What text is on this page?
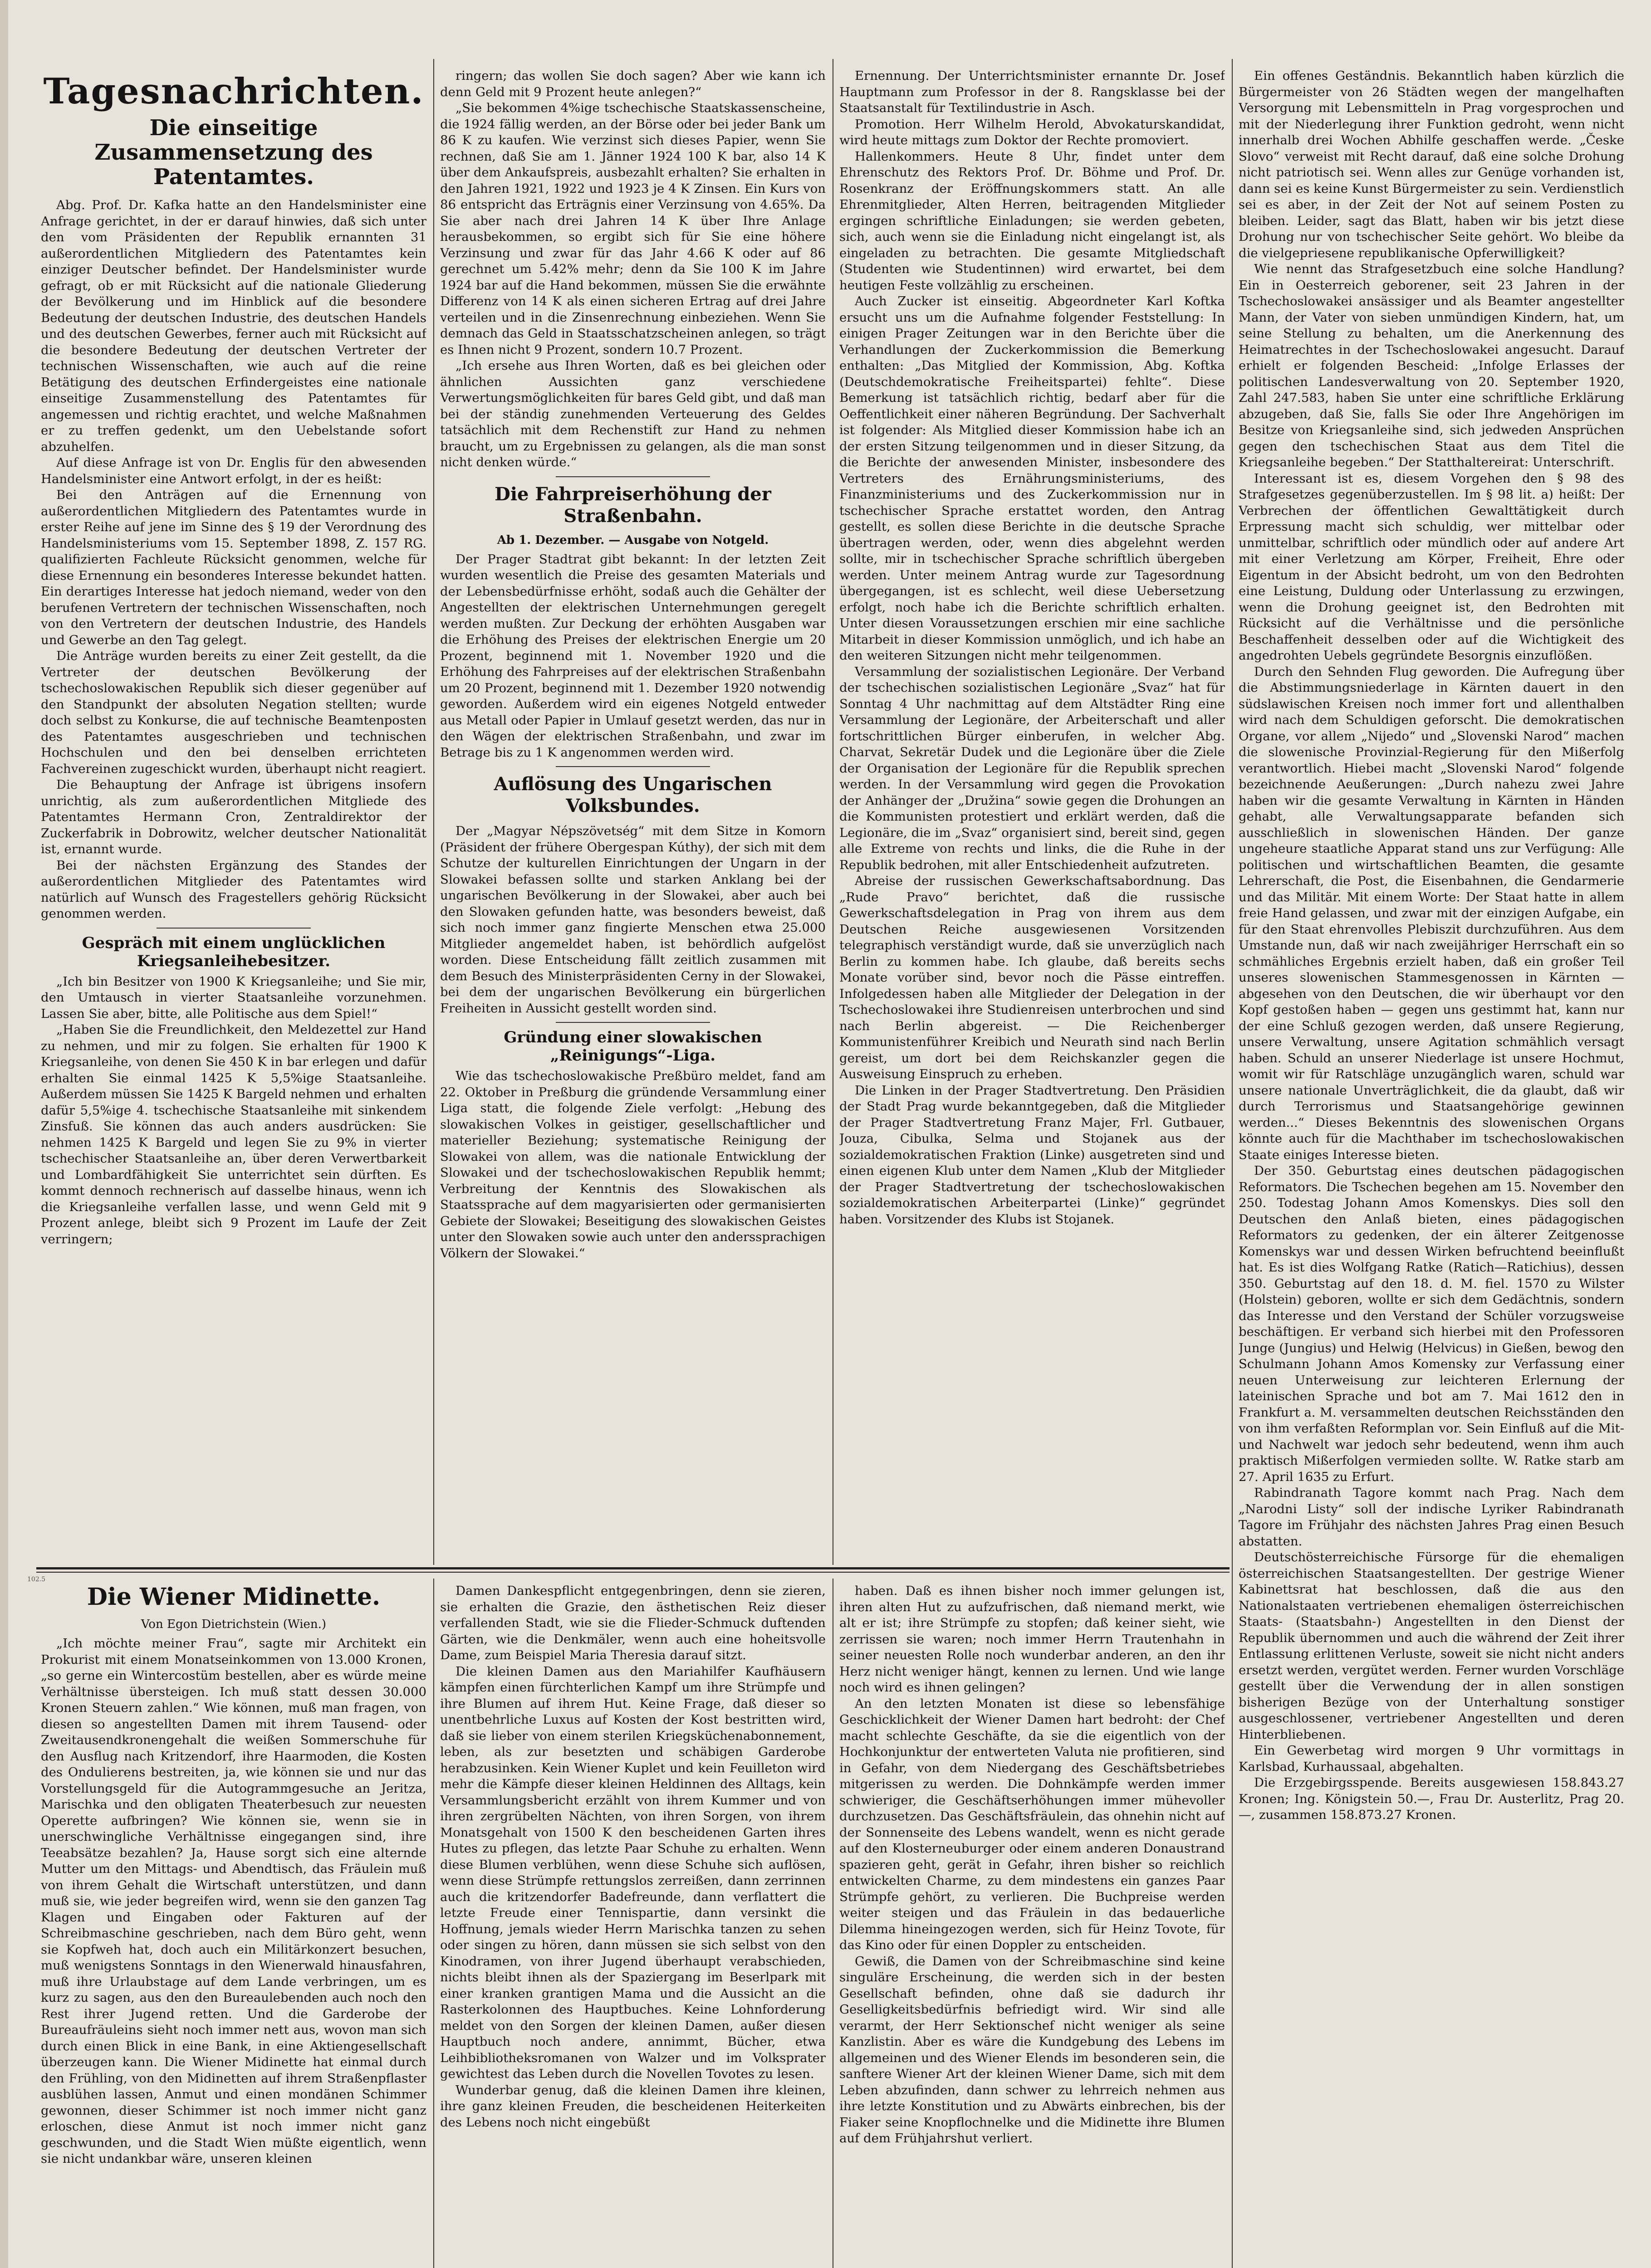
Tagesnachrichten.
Die einseitige Zusammensetzung des Patentamtes.

Abg. Prof. Dr. Kafka hatte an den Handelsminister eine Anfrage gerichtet, in der er darauf hinwies, daß sich unter den vom Präsidenten der Republik ernannten 31 außerordentlichen Mitgliedern des Patentamtes kein einziger Deutscher befindet. Der Handelsminister wurde gefragt, ob er mit Rücksicht auf die nationale Gliederung der Bevölkerung und im Hinblick auf die besondere Bedeutung der deutschen Industrie, des deutschen Handels und des deutschen Gewerbes, ferner auch mit Rücksicht auf die besondere Bedeutung der deutschen Vertreter der technischen Wissenschaften, wie auch auf die reine Betätigung des deutschen Erfindergeistes eine nationale einseitige Zusammenstellung des Patentamtes für angemessen und richtig erachtet, und welche Maßnahmen er zu treffen gedenkt, um den Uebelstande sofort abzuhelfen.

Auf diese Anfrage ist von Dr. Englis für den abwesenden Handelsminister eine Antwort erfolgt, in der es heißt:

Bei den Anträgen auf die Ernennung von außerordentlichen Mitgliedern des Patentamtes wurde in erster Reihe auf jene im Sinne des § 19 der Verordnung des Handelsministeriums vom 15. September 1898, Z. 157 RG. qualifizierten Fachleute Rücksicht genommen, welche für diese Ernennung ein besonderes Interesse bekundet hatten. Ein derartiges Interesse hat jedoch niemand, weder von den berufenen Vertretern der technischen Wissenschaften, noch von den Vertretern der deutschen Industrie, des Handels und Gewerbe an den Tag gelegt.

Die Anträge wurden bereits zu einer Zeit gestellt, da die Vertreter der deutschen Bevölkerung der tschechoslowakischen Republik sich dieser gegenüber auf den Standpunkt der absoluten Negation stellten; wurde doch selbst zu Konkurse, die auf technische Beamtenposten des Patentamtes ausgeschrieben und technischen Hochschulen und den bei denselben errichteten Fachvereinen zugeschickt wurden, überhaupt nicht reagiert.

Die Behauptung der Anfrage ist übrigens insofern unrichtig, als zum außerordentlichen Mitgliede des Patentamtes Hermann Cron, Zentraldirektor der Zuckerfabrik in Dobrowitz, welcher deutscher Nationalität ist, ernannt wurde.

Bei der nächsten Ergänzung des Standes der außerordentlichen Mitglieder des Patentamtes wird natürlich auf Wunsch des Fragestellers gehörig Rücksicht genommen werden.

Gespräch mit einem unglücklichen Kriegsanleihebesitzer.

„Ich bin Besitzer von 1900 K Kriegsanleihe; und Sie mir, den Umtausch in vierter Staatsanleihe vorzunehmen. Lassen Sie aber, bitte, alle Politische aus dem Spiel!“

„Haben Sie die Freundlichkeit, den Meldezettel zur Hand zu nehmen, und mir zu folgen. Sie erhalten für 1900 K Kriegsanleihe, von denen Sie 450 K in bar erlegen und dafür erhalten Sie einmal 1425 K 5,5%ige Staatsanleihe. Außerdem müssen Sie 1425 K Bargeld nehmen und erhalten dafür 5,5%ige 4. tschechische Staatsanleihe mit sinkendem Zinsfuß. Sie können das auch anders ausdrücken: Sie nehmen 1425 K Bargeld und legen Sie zu 9% in vierter tschechischer Staatsanleihe an, über deren Verwertbarkeit und Lombardfähigkeit Sie unterrichtet sein dürften. Es kommt dennoch rechnerisch auf dasselbe hinaus, wenn ich die Kriegsanleihe verfallen lasse, und wenn Geld mit 9 Prozent anlege, bleibt sich 9 Prozent im Laufe der Zeit verringern;

ringern; das wollen Sie doch sagen? Aber wie kann ich denn Geld mit 9 Prozent heute anlegen?“

„Sie bekommen 4%ige tschechische Staatskassenscheine, die 1924 fällig werden, an der Börse oder bei jeder Bank um 86 K zu kaufen. Wie verzinst sich dieses Papier, wenn Sie rechnen, daß Sie am 1. Jänner 1924 100 K bar, also 14 K über dem Ankaufspreis, ausbezahlt erhalten? Sie erhalten in den Jahren 1921, 1922 und 1923 je 4 K Zinsen. Ein Kurs von 86 entspricht das Erträgnis einer Verzinsung von 4.65%. Da Sie aber nach drei Jahren 14 K über Ihre Anlage herausbekommen, so ergibt sich für Sie eine höhere Verzinsung und zwar für das Jahr 4.66 K oder auf 86 gerechnet um 5.42% mehr; denn da Sie 100 K im Jahre 1924 bar auf die Hand bekommen, müssen Sie die erwähnte Differenz von 14 K als einen sicheren Ertrag auf drei Jahre verteilen und in die Zinsenrechnung einbeziehen. Wenn Sie demnach das Geld in Staatsschatzscheinen anlegen, so trägt es Ihnen nicht 9 Prozent, sondern 10.7 Prozent.

„Ich ersehe aus Ihren Worten, daß es bei gleichen oder ähnlichen Aussichten ganz verschiedene Verwertungsmöglichkeiten für bares Geld gibt, und daß man bei der ständig zunehmenden Verteuerung des Geldes tatsächlich mit dem Rechenstift zur Hand zu nehmen braucht, um zu Ergebnissen zu gelangen, als die man sonst nicht denken würde.“

Die Fahrpreiserhöhung der Straßenbahn.
Ab 1. Dezember. — Ausgabe von Notgeld.

Der Prager Stadtrat gibt bekannt: In der letzten Zeit wurden wesentlich die Preise des gesamten Materials und der Lebensbedürfnisse erhöht, sodaß auch die Gehälter der Angestellten der elektrischen Unternehmungen geregelt werden mußten. Zur Deckung der erhöhten Ausgaben war die Erhöhung des Preises der elektrischen Energie um 20 Prozent, beginnend mit 1. November 1920 und die Erhöhung des Fahrpreises auf der elektrischen Straßenbahn um 20 Prozent, beginnend mit 1. Dezember 1920 notwendig geworden. Außerdem wird ein eigenes Notgeld entweder aus Metall oder Papier in Umlauf gesetzt werden, das nur in den Wägen der elektrischen Straßenbahn, und zwar im Betrage bis zu 1 K angenommen werden wird.

Auflösung des Ungarischen Volksbundes.

Der „Magyar Népszövetség“ mit dem Sitze in Komorn (Präsident der frühere Obergespan Kúthy), der sich mit dem Schutze der kulturellen Einrichtungen der Ungarn in der Slowakei befassen sollte und starken Anklang bei der ungarischen Bevölkerung in der Slowakei, aber auch bei den Slowaken gefunden hatte, was besonders beweist, daß sich noch immer ganz fingierte Menschen etwa 25.000 Mitglieder angemeldet haben, ist behördlich aufgelöst worden. Diese Entscheidung fällt zeitlich zusammen mit dem Besuch des Ministerpräsidenten Cerny in der Slowakei, bei dem der ungarischen Bevölkerung ein bürgerlichen Freiheiten in Aussicht gestellt worden sind.

Gründung einer slowakischen „Reinigungs“-Liga.

Wie das tschechoslowakische Preßbüro meldet, fand am 22. Oktober in Preßburg die gründende Versammlung einer Liga statt, die folgende Ziele verfolgt: „Hebung des slowakischen Volkes in geistiger, gesellschaftlicher und materieller Beziehung; systematische Reinigung der Slowakei von allem, was die nationale Entwicklung der Slowakei und der tschechoslowakischen Republik hemmt; Verbreitung der Kenntnis des Slowakischen als Staatssprache auf dem magyarisierten oder germanisierten Gebiete der Slowakei; Beseitigung des slowakischen Geistes unter den Slowaken sowie auch unter den anderssprachigen Völkern der Slowakei.“

Ernennung. Der Unterrichtsminister ernannte Dr. Josef Hauptmann zum Professor in der 8. Rangsklasse bei der Staatsanstalt für Textilindustrie in Asch.

Promotion. Herr Wilhelm Herold, Abvokaturskandidat, wird heute mittags zum Doktor der Rechte promoviert.

Hallenkommers. Heute 8 Uhr, findet unter dem Ehrenschutz des Rektors Prof. Dr. Böhme und Prof. Dr. Rosenkranz der Eröffnungskommers statt. An alle Ehrenmitglieder, Alten Herren, beitragenden Mitglieder ergingen schriftliche Einladungen; sie werden gebeten, sich, auch wenn sie die Einladung nicht eingelangt ist, als eingeladen zu betrachten. Die gesamte Mitgliedschaft (Studenten wie Studentinnen) wird erwartet, bei dem heutigen Feste vollzählig zu erscheinen.

Auch Zucker ist einseitig. Abgeordneter Karl Koftka ersucht uns um die Aufnahme folgender Feststellung: In einigen Prager Zeitungen war in den Berichte über die Verhandlungen der Zuckerkommission die Bemerkung enthalten: „Das Mitglied der Kommission, Abg. Koftka (Deutschdemokratische Freiheitspartei) fehlte“. Diese Bemerkung ist tatsächlich richtig, bedarf aber für die Oeffentlichkeit einer näheren Begründung. Der Sachverhalt ist folgender: Als Mitglied dieser Kommission habe ich an der ersten Sitzung teilgenommen und in dieser Sitzung, da die Berichte der anwesenden Minister, insbesondere des Vertreters des Ernährungsministeriums, des Finanzministeriums und des Zuckerkommission nur in tschechischer Sprache erstattet worden, den Antrag gestellt, es sollen diese Berichte in die deutsche Sprache übertragen werden, oder, wenn dies abgelehnt werden sollte, mir in tschechischer Sprache schriftlich übergeben werden. Unter meinem Antrag wurde zur Tagesordnung übergegangen, ist es schlecht, weil diese Uebersetzung erfolgt, noch habe ich die Berichte schriftlich erhalten. Unter diesen Voraussetzungen erschien mir eine sachliche Mitarbeit in dieser Kommission unmöglich, und ich habe an den weiteren Sitzungen nicht mehr teilgenommen.

Versammlung der sozialistischen Legionäre. Der Verband der tschechischen sozialistischen Legionäre „Svaz“ hat für Sonntag 4 Uhr nachmittag auf dem Altstädter Ring eine Versammlung der Legionäre, der Arbeiterschaft und aller fortschrittlichen Bürger einberufen, in welcher Abg. Charvat, Sekretär Dudek und die Legionäre über die Ziele der Organisation der Legionäre für die Republik sprechen werden. In der Versammlung wird gegen die Provokation der Anhänger der „Družina“ sowie gegen die Drohungen an die Kommunisten protestiert und erklärt werden, daß die Legionäre, die im „Svaz“ organisiert sind, bereit sind, gegen alle Extreme von rechts und links, die die Ruhe in der Republik bedrohen, mit aller Entschiedenheit aufzutreten.

Abreise der russischen Gewerkschaftsabordnung. Das „Rude Pravo“ berichtet, daß die russische Gewerkschaftsdelegation in Prag von ihrem aus dem Deutschen Reiche ausgewiesenen Vorsitzenden telegraphisch verständigt wurde, daß sie unverzüglich nach Berlin zu kommen habe. Ich glaube, daß bereits sechs Monate vorüber sind, bevor noch die Pässe eintreffen. Infolgedessen haben alle Mitglieder der Delegation in der Tschechoslowakei ihre Studienreisen unterbrochen und sind nach Berlin abgereist. — Die Reichenberger Kommunistenführer Kreibich und Neurath sind nach Berlin gereist, um dort bei dem Reichskanzler gegen die Ausweisung Einspruch zu erheben.

Die Linken in der Prager Stadtvertretung. Den Präsidien der Stadt Prag wurde bekanntgegeben, daß die Mitglieder der Prager Stadtvertretung Franz Majer, Frl. Gutbauer, Jouza, Cibulka, Selma und Stojanek aus der sozialdemokratischen Fraktion (Linke) ausgetreten sind und einen eigenen Klub unter dem Namen „Klub der Mitglieder der Prager Stadtvertretung der tschechoslowakischen sozialdemokratischen Arbeiterpartei (Linke)“ gegründet haben. Vorsitzender des Klubs ist Stojanek.

Ein offenes Geständnis. Bekanntlich haben kürzlich die Bürgermeister von 26 Städten wegen der mangelhaften Versorgung mit Lebensmitteln in Prag vorgesprochen und mit der Niederlegung ihrer Funktion gedroht, wenn nicht innerhalb drei Wochen Abhilfe geschaffen werde. „Česke Slovo“ verweist mit Recht darauf, daß eine solche Drohung nicht patriotisch sei. Wenn alles zur Genüge vorhanden ist, dann sei es keine Kunst Bürgermeister zu sein. Verdienstlich sei es aber, in der Zeit der Not auf seinem Posten zu bleiben. Leider, sagt das Blatt, haben wir bis jetzt diese Drohung nur von tschechischer Seite gehört. Wo bleibe da die vielgepriesene republikanische Opferwilligkeit?

Wie nennt das Strafgesetzbuch eine solche Handlung? Ein in Oesterreich geborener, seit 23 Jahren in der Tschechoslowakei ansässiger und als Beamter angestellter Mann, der Vater von sieben unmündigen Kindern, hat, um seine Stellung zu behalten, um die Anerkennung des Heimatrechtes in der Tschechoslowakei angesucht. Darauf erhielt er folgenden Bescheid: „Infolge Erlasses der politischen Landesverwaltung von 20. September 1920, Zahl 247.583, haben Sie unter eine schriftliche Erklärung abzugeben, daß Sie, falls Sie oder Ihre Angehörigen im Besitze von Kriegsanleihe sind, sich jedweden Ansprüchen gegen den tschechischen Staat aus dem Titel die Kriegsanleihe begeben.“ Der Statthaltereirat: Unterschrift.

Interessant ist es, diesem Vorgehen den § 98 des Strafgesetzes gegenüberzustellen. Im § 98 lit. a) heißt: Der Verbrechen der öffentlichen Gewalttätigkeit durch Erpressung macht sich schuldig, wer mittelbar oder unmittelbar, schriftlich oder mündlich oder auf andere Art mit einer Verletzung am Körper, Freiheit, Ehre oder Eigentum in der Absicht bedroht, um von den Bedrohten eine Leistung, Duldung oder Unterlassung zu erzwingen, wenn die Drohung geeignet ist, den Bedrohten mit Rücksicht auf die Verhältnisse und die persönliche Beschaffenheit desselben oder auf die Wichtigkeit des angedrohten Uebels gegründete Besorgnis einzuflößen.

Durch den Sehnden Flug geworden. Die Aufregung über die Abstimmungsniederlage in Kärnten dauert in den südslawischen Kreisen noch immer fort und allenthalben wird nach dem Schuldigen geforscht. Die demokratischen Organe, vor allem „Nijedo“ und „Slovenski Narod“ machen die slowenische Provinzial-Regierung für den Mißerfolg verantwortlich. Hiebei macht „Slovenski Narod“ folgende bezeichnende Aeußerungen: „Durch nahezu zwei Jahre haben wir die gesamte Verwaltung in Kärnten in Händen gehabt, alle Verwaltungsapparate befanden sich ausschließlich in slowenischen Händen. Der ganze ungeheure staatliche Apparat stand uns zur Verfügung: Alle politischen und wirtschaftlichen Beamten, die gesamte Lehrerschaft, die Post, die Eisenbahnen, die Gendarmerie und das Militär. Mit einem Worte: Der Staat hatte in allem freie Hand gelassen, und zwar mit der einzigen Aufgabe, ein für den Staat ehrenvolles Plebiszit durchzuführen. Aus dem Umstande nun, daß wir nach zweijähriger Herrschaft ein so schmähliches Ergebnis erzielt haben, daß ein großer Teil unseres slowenischen Stammesgenossen in Kärnten — abgesehen von den Deutschen, die wir überhaupt vor den Kopf gestoßen haben — gegen uns gestimmt hat, kann nur der eine Schluß gezogen werden, daß unsere Regierung, unsere Verwaltung, unsere Agitation schmählich versagt haben. Schuld an unserer Niederlage ist unsere Hochmut, womit wir für Ratschläge unzugänglich waren, schuld war unsere nationale Unverträglichkeit, die da glaubt, daß wir durch Terrorismus und Staatsangehörige gewinnen werden...“ Dieses Bekenntnis des slowenischen Organs könnte auch für die Machthaber im tschechoslowakischen Staate einiges Interesse bieten.

Der 350. Geburtstag eines deutschen pädagogischen Reformators. Die Tschechen begehen am 15. November den 250. Todestag Johann Amos Komenskys. Dies soll den Deutschen den Anlaß bieten, eines pädagogischen Reformators zu gedenken, der ein älterer Zeitgenosse Komenskys war und dessen Wirken befruchtend beeinflußt hat. Es ist dies Wolfgang Ratke (Ratich—Ratichius), dessen 350. Geburtstag auf den 18. d. M. fiel. 1570 zu Wilster (Holstein) geboren, wollte er sich dem Gedächtnis, sondern das Interesse und den Verstand der Schüler vorzugsweise beschäftigen. Er verband sich hierbei mit den Professoren Junge (Jungius) und Helwig (Helvicus) in Gießen, bewog den Schulmann Johann Amos Komensky zur Verfassung einer neuen Unterweisung zur leichteren Erlernung der lateinischen Sprache und bot am 7. Mai 1612 den in Frankfurt a. M. versammelten deutschen Reichsständen den von ihm verfaßten Reformplan vor. Sein Einfluß auf die Mit- und Nachwelt war jedoch sehr bedeutend, wenn ihm auch praktisch Mißerfolgen vermieden sollte. W. Ratke starb am 27. April 1635 zu Erfurt.

Rabindranath Tagore kommt nach Prag. Nach dem „Narodni Listy“ soll der indische Lyriker Rabindranath Tagore im Frühjahr des nächsten Jahres Prag einen Besuch abstatten.

Deutschösterreichische Fürsorge für die ehemaligen österreichischen Staatsangestellten. Der gestrige Wiener Kabinettsrat hat beschlossen, daß die aus den Nationalstaaten vertriebenen ehemaligen österreichischen Staats- (Staatsbahn-) Angestellten in den Dienst der Republik übernommen und auch die während der Zeit ihrer Entlassung erlittenen Verluste, soweit sie nicht nicht anders ersetzt werden, vergütet werden. Ferner wurden Vorschläge gestellt über die Verwendung der in allen sonstigen bisherigen Bezüge von der Unterhaltung sonstiger ausgeschlossener, vertriebener Angestellten und deren Hinterbliebenen.

Ein Gewerbetag wird morgen 9 Uhr vormittags in Karlsbad, Kurhaussaal, abgehalten.

Die Erzgebirgsspende. Bereits ausgewiesen 158.843.27 Kronen; Ing. Königstein 50.—, Frau Dr. Austerlitz, Prag 20.—, zusammen 158.873.27 Kronen.

102.5
Die Wiener Midinette.
Von Egon Dietrichstein (Wien.)

„Ich möchte meiner Frau“, sagte mir Architekt ein Prokurist mit einem Monatseinkommen von 13.000 Kronen, „so gerne ein Wintercostüm bestellen, aber es würde meine Verhältnisse übersteigen. Ich muß statt dessen 30.000 Kronen Steuern zahlen.“ Wie können, muß man fragen, von diesen so angestellten Damen mit ihrem Tausend- oder Zweitausendkronengehalt die weißen Sommerschuhe für den Ausflug nach Kritzendorf, ihre Haarmoden, die Kosten des Ondulierens bestreiten, ja, wie können sie und nur das Vorstellungsgeld für die Autogrammgesuche an Jeritza, Marischka und den obligaten Theaterbesuch zur neuesten Operette aufbringen? Wie können sie, wenn sie in unerschwingliche Verhältnisse eingegangen sind, ihre Teeabsätze bezahlen? Ja, Hause sorgt sich eine alternde Mutter um den Mittags- und Abendtisch, das Fräulein muß von ihrem Gehalt die Wirtschaft unterstützen, und dann muß sie, wie jeder begreifen wird, wenn sie den ganzen Tag Klagen und Eingaben oder Fakturen auf der Schreibmaschine geschrieben, nach dem Büro geht, wenn sie Kopfweh hat, doch auch ein Militärkonzert besuchen, muß wenigstens Sonntags in den Wienerwald hinausfahren, muß ihre Urlaubstage auf dem Lande verbringen, um es kurz zu sagen, aus den den Bureaulebenden auch noch den Rest ihrer Jugend retten. Und die Garderobe der Bureaufräuleins sieht noch immer nett aus, wovon man sich durch einen Blick in eine Bank, in eine Aktiengesellschaft überzeugen kann. Die Wiener Midinette hat einmal durch den Frühling, von den Midinetten auf ihrem Straßenpflaster ausblühen lassen, Anmut und einen mondänen Schimmer gewonnen, dieser Schimmer ist noch immer nicht ganz erloschen, diese Anmut ist noch immer nicht ganz geschwunden, und die Stadt Wien müßte eigentlich, wenn sie nicht undankbar wäre, unseren kleinen

Damen Dankespflicht entgegenbringen, denn sie zieren, sie erhalten die Grazie, den ästhetischen Reiz dieser verfallenden Stadt, wie sie die Flieder-Schmuck duftenden Gärten, wie die Denkmäler, wenn auch eine hoheitsvolle Dame, zum Beispiel Maria Theresia darauf sitzt.

Die kleinen Damen aus den Mariahilfer Kaufhäusern kämpfen einen fürchterlichen Kampf um ihre Strümpfe und ihre Blumen auf ihrem Hut. Keine Frage, daß dieser so unentbehrliche Luxus auf Kosten der Kost bestritten wird, daß sie lieber von einem sterilen Kriegsküchenabonnement, leben, als zur besetzten und schäbigen Garderobe herabzusinken. Kein Wiener Kuplet und kein Feuilleton wird mehr die Kämpfe dieser kleinen Heldinnen des Alltags, kein Versammlungsbericht erzählt von ihrem Kummer und von ihren zergrübelten Nächten, von ihren Sorgen, von ihrem Monatsgehalt von 1500 K den bescheidenen Garten ihres Hutes zu pflegen, das letzte Paar Schuhe zu erhalten. Wenn diese Blumen verblühen, wenn diese Schuhe sich auflösen, wenn diese Strümpfe rettungslos zerreißen, dann zerrinnen auch die kritzendorfer Badefreunde, dann verflattert die letzte Freude einer Tennispartie, dann versinkt die Hoffnung, jemals wieder Herrn Marischka tanzen zu sehen oder singen zu hören, dann müssen sie sich selbst von den Kinodramen, von ihrer Jugend überhaupt verabschieden, nichts bleibt ihnen als der Spaziergang im Beserlpark mit einer kranken grantigen Mama und die Aussicht an die Rasterkolonnen des Hauptbuches. Keine Lohnforderung meldet von den Sorgen der kleinen Damen, außer diesen Hauptbuch noch andere, annimmt, Bücher, etwa Leihbibliotheksromanen von Walzer und im Volksprater gewichtest das Leben durch die Novellen Tovotes zu lesen.

Wunderbar genug, daß die kleinen Damen ihre kleinen, ihre ganz kleinen Freuden, die bescheidenen Heiterkeiten des Lebens noch nicht eingebüßt

haben. Daß es ihnen bisher noch immer gelungen ist, ihren alten Hut zu aufzufrischen, daß niemand merkt, wie alt er ist; ihre Strümpfe zu stopfen; daß keiner sieht, wie zerrissen sie waren; noch immer Herrn Trautenhahn in seiner neuesten Rolle noch wunderbar anderen, an den ihr Herz nicht weniger hängt, kennen zu lernen. Und wie lange noch wird es ihnen gelingen?

An den letzten Monaten ist diese so lebensfähige Geschicklichkeit der Wiener Damen hart bedroht: der Chef macht schlechte Geschäfte, da sie die eigentlich von der Hochkonjunktur der entwerteten Valuta nie profitieren, sind in Gefahr, von dem Niedergang des Geschäftsbetriebes mitgerissen zu werden. Die Dohnkämpfe werden immer schwieriger, die Geschäftserhöhungen immer mühevoller durchzusetzen. Das Geschäftsfräulein, das ohnehin nicht auf der Sonnenseite des Lebens wandelt, wenn es nicht gerade auf den Klosterneuburger oder einem anderen Donaustrand spazieren geht, gerät in Gefahr, ihren bisher so reichlich entwickelten Charme, zu dem mindestens ein ganzes Paar Strümpfe gehört, zu verlieren. Die Buchpreise werden weiter steigen und das Fräulein in das bedauerliche Dilemma hineingezogen werden, sich für Heinz Tovote, für das Kino oder für einen Doppler zu entscheiden.

Gewiß, die Damen von der Schreibmaschine sind keine singuläre Erscheinung, die werden sich in der besten Gesellschaft befinden, ohne daß sie dadurch ihr Geselligkeitsbedürfnis befriedigt wird. Wir sind alle verarmt, der Herr Sektionschef nicht weniger als seine Kanzlistin. Aber es wäre die Kundgebung des Lebens im allgemeinen und des Wiener Elends im besonderen sein, die sanftere Wiener Art der kleinen Wiener Dame, sich mit dem Leben abzufinden, dann schwer zu lehrreich nehmen aus ihre letzte Konstitution und zu Abwärts einbrechen, bis der Fiaker seine Knopflochnelke und die Midinette ihre Blumen auf dem Frühjahrshut verliert.
